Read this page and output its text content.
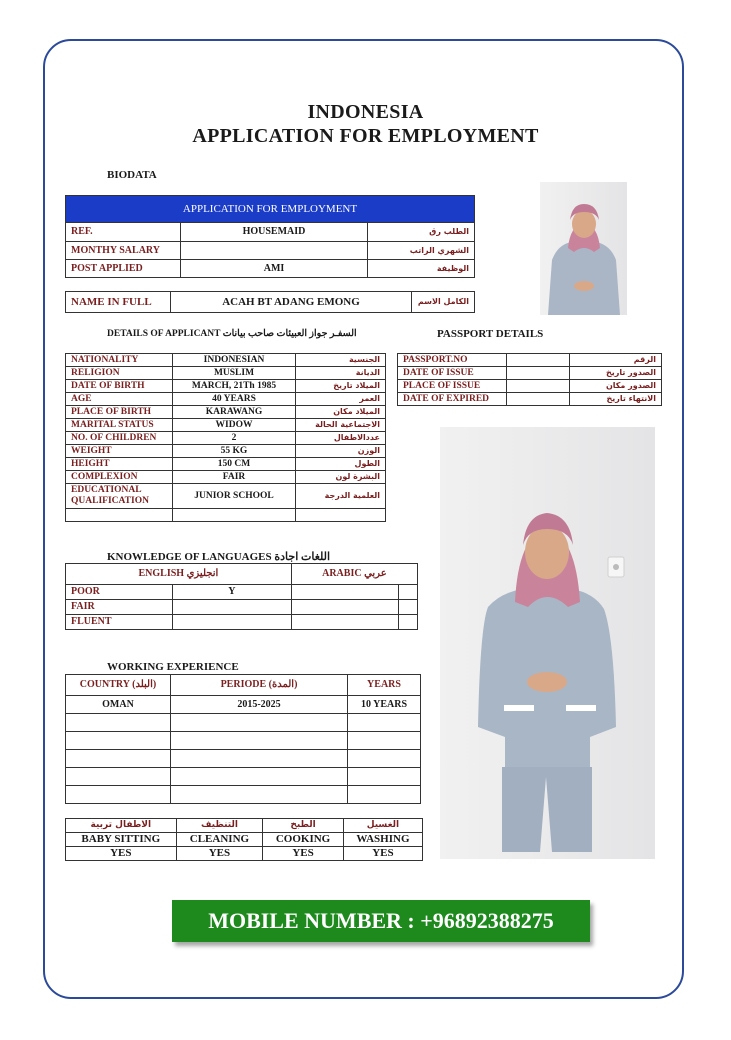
INDONESIA
APPLICATION FOR EMPLOYMENT
BIODATA
APPLICATION FOR EMPLOYMENT		
REF.	HOUSEMAID	الطلب رق
MONTHY SALARY		الشهري الراتب
POST APPLIED	AMI	الوظيفة
NAME IN FULL	ACAH BT ADANG EMONG	الكامل الاسم
DETAILS OF APPLICANT السفـر جواز العبيئات صاحب بيانات	PASSPORT DETAILS
NATIONALITY	INDONESIAN	الجنسية
RELIGION	MUSLIM	الديانة
DATE OF BIRTH	MARCH, 21Th 1985	الميلاد تاريخ
AGE	40 YEARS	العمر
PLACE OF BIRTH	KARAWANG	الميلاد مكان
MARITAL STATUS	WIDOW	الاجتماعية الحالة
NO. OF CHILDREN	2	عددالاطفال
WEIGHT	55 KG	الوزن
HEIGHT	150 CM	الطول
COMPLEXION	FAIR	البشرة لون
EDUCATIONAL
QUALIFICATION	JUNIOR SCHOOL	العلمية الدرجة

PASSPORT.NO		الرقم
DATE OF ISSUE		الصدور تاريخ
PLACE OF ISSUE		الصدور مكان
DATE OF EXPIRED		الانتهاء تاريخ
KNOWLEDGE OF LANGUAGES اللغات اجادة
ENGLISH انجليزي		ARABIC عربي	
POOR	Y		
FAIR			
FLUENT			
WORKING EXPERIENCE
COUNTRY (البلد)	PERIODE (المدة)	YEARS
OMAN	2015-2025	10 YEARS

الاطفال تربية	التنظيف	الطبخ	الغسيل
BABY SITTING	CLEANING	COOKING	WASHING
YES	YES	YES	YES
MOBILE NUMBER : +96892388275
